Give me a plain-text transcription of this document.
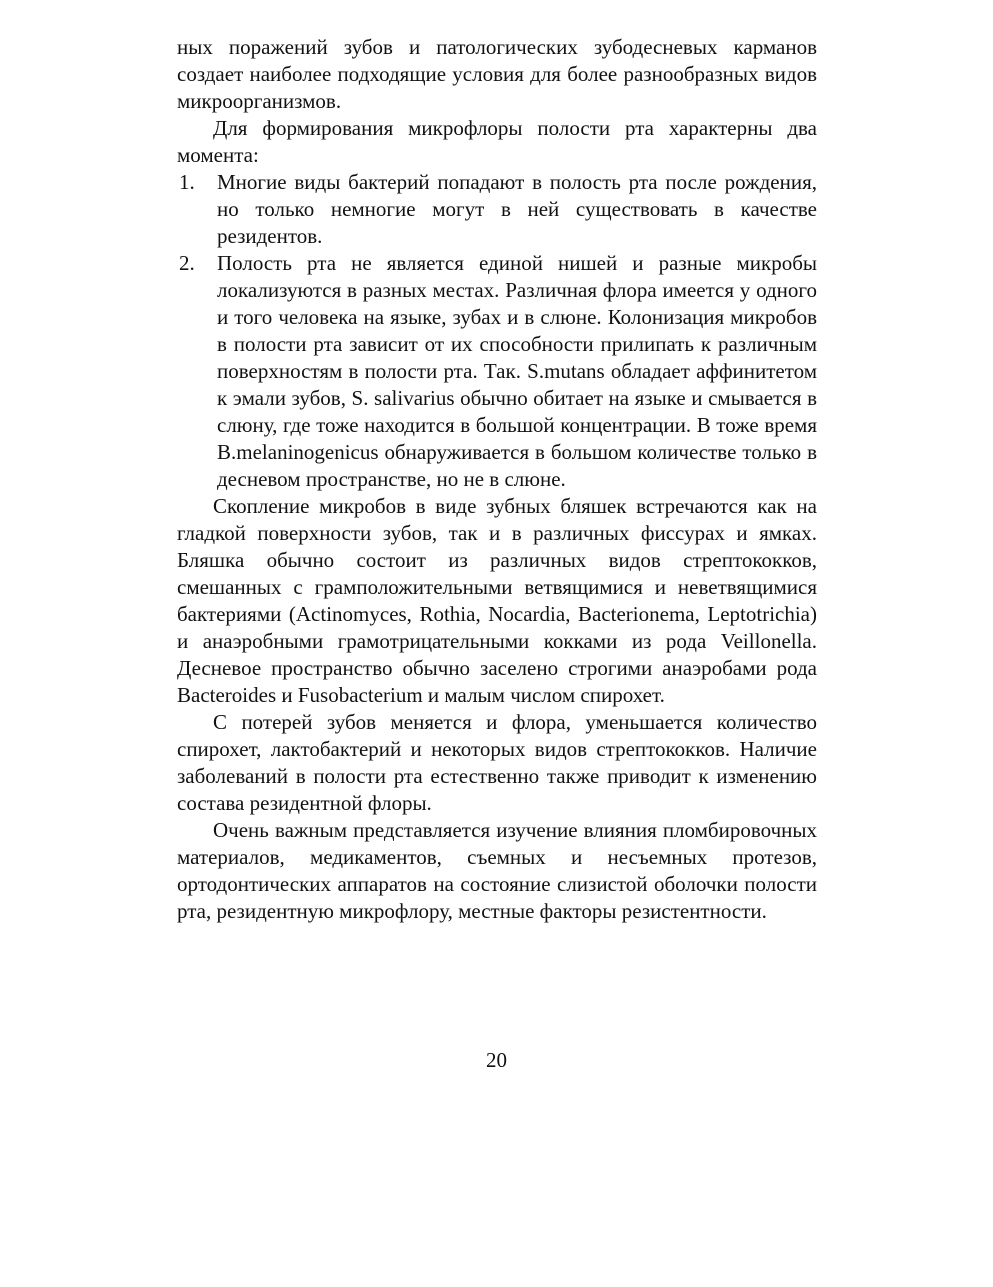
ных поражений зубов и патологических зубодесневых карманов создает наиболее подходящие условия для более разнообразных видов микроорганизмов.

Для формирования микрофлоры полости рта характерны два момента:

1. Многие виды бактерий попадают в полость рта после рождения, но только немногие могут в ней существовать в качестве резидентов.
2. Полость рта не является единой нишей и разные микробы локализуются в разных местах. Различная флора имеется у одного и того человека на языке, зубах и в слюне. Колонизация микробов в полости рта зависит от их способности прилипать к различным поверхностям в полости рта. Так. S.mutans обладает аффинитетом к эмали зубов, S. salivarius обычно обитает на языке и смывается в слюну, где тоже находится в большой концентрации. В тоже время B.melaninogenicus обнаруживается в большом количестве только в десневом пространстве, но не в слюне.

Скопление микробов в виде зубных бляшек встречаются как на гладкой поверхности зубов, так и в различных фиссурах и ямках. Бляшка обычно состоит из различных видов стрептококков, смешанных с грамположительными ветвящимися и неветвящимися бактериями (Actinomyces, Rothia, Nocardia, Bacterionema, Leptotrichia) и анаэробными грамотрицательными кокками из рода Veillonella. Десневое пространство обычно заселено строгими анаэробами рода Bacteroides и Fusobacterium и малым числом спирохет.

С потерей зубов меняется и флора, уменьшается количество спирохет, лактобактерий и некоторых видов стрептококков. Наличие заболеваний в полости рта естественно также приводит к изменению состава резидентной флоры.

Очень важным представляется изучение влияния пломбировочных материалов, медикаментов, съемных и несъемных протезов, ортодонтических аппаратов на состояние слизистой оболочки полости рта, резидентную микрофлору, местные факторы резистентности.

20
